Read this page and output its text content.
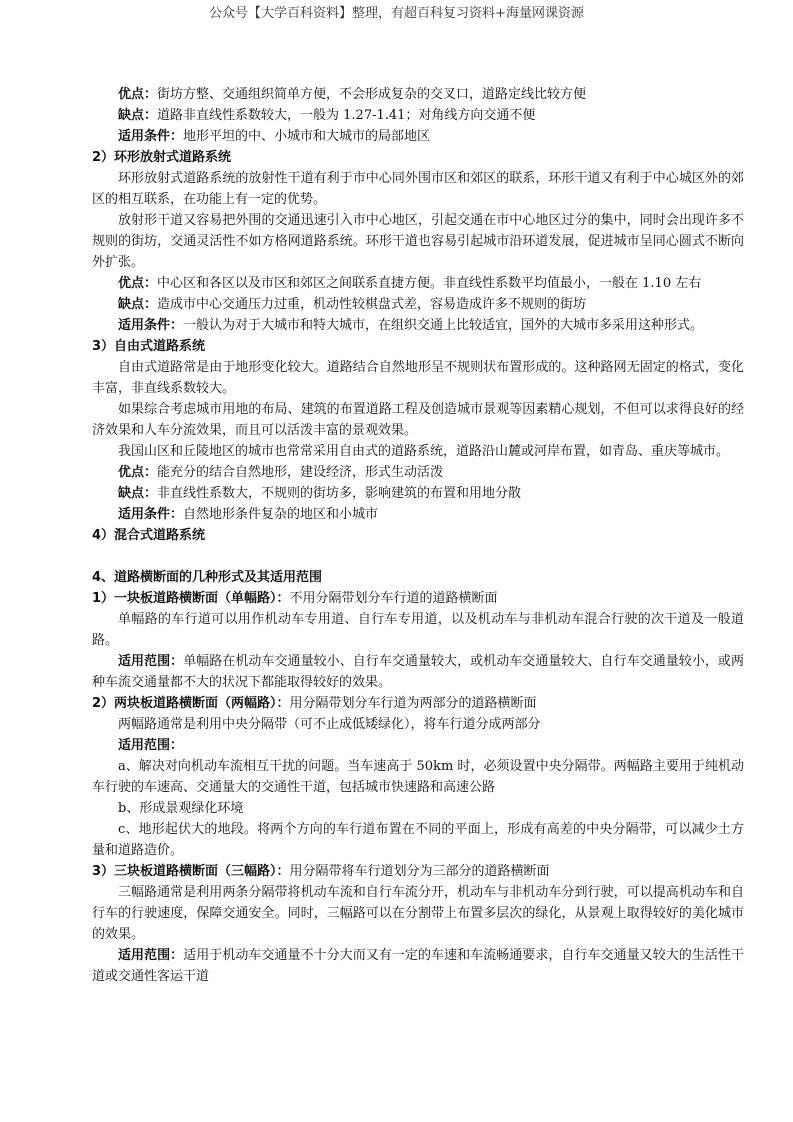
公众号【大学百科资料】整理，有超百科复习资料+海量网课资源

优点：街坊方整、交通组织简单方便，不会形成复杂的交叉口，道路定线比较方便

缺点：道路非直线性系数较大，一般为 1.27-1.41；对角线方向交通不便

适用条件：地形平坦的中、小城市和大城市的局部地区

2）环形放射式道路系统

环形放射式道路系统的放射性干道有利于市中心同外围市区和郊区的联系，环形干道又有利于中心城区外的郊区的相互联系，在功能上有一定的优势。

放射形干道又容易把外围的交通迅速引入市中心地区，引起交通在市中心地区过分的集中，同时会出现许多不规则的街坊，交通灵活性不如方格网道路系统。环形干道也容易引起城市沿环道发展，促进城市呈同心圆式不断向外扩张。

优点：中心区和各区以及市区和郊区之间联系直捷方便。非直线性系数平均值最小，一般在 1.10 左右

缺点：造成市中心交通压力过重，机动性较棋盘式差，容易造成许多不规则的街坊

适用条件：一般认为对于大城市和特大城市，在组织交通上比较适宜，国外的大城市多采用这种形式。

3）自由式道路系统

自由式道路常是由于地形变化较大。道路结合自然地形呈不规则状布置形成的。这种路网无固定的格式，变化丰富，非直线系数较大。

如果综合考虑城市用地的布局、建筑的布置道路工程及创造城市景观等因素精心规划，不但可以求得良好的经济效果和人车分流效果，而且可以活泼丰富的景观效果。

我国山区和丘陵地区的城市也常常采用自由式的道路系统，道路沿山麓或河岸布置，如青岛、重庆等城市。

优点：能充分的结合自然地形，建设经济，形式生动活泼

缺点：非直线性系数大，不规则的街坊多，影响建筑的布置和用地分散

适用条件：自然地形条件复杂的地区和小城市

4）混合式道路系统

4、道路横断面的几种形式及其适用范围

1）一块板道路横断面（单幅路）：不用分隔带划分车行道的道路横断面

单幅路的车行道可以用作机动车专用道、自行车专用道，以及机动车与非机动车混合行驶的次干道及一般道路。

适用范围：单幅路在机动车交通量较小、自行车交通量较大，或机动车交通量较大、自行车交通量较小，或两种车流交通量都不大的状况下都能取得较好的效果。

2）两块板道路横断面（两幅路）：用分隔带划分车行道为两部分的道路横断面

两幅路通常是利用中央分隔带（可不止成低矮绿化），将车行道分成两部分

适用范围：

a、解决对向机动车流相互干扰的问题。当车速高于 50km 时，必须设置中央分隔带。两幅路主要用于纯机动车行驶的车速高、交通量大的交通性干道，包括城市快速路和高速公路

b、形成景观绿化环境

c、地形起伏大的地段。将两个方向的车行道布置在不同的平面上，形成有高差的中央分隔带，可以减少土方量和道路造价。

3）三块板道路横断面（三幅路）：用分隔带将车行道划分为三部分的道路横断面

三幅路通常是利用两条分隔带将机动车流和自行车流分开，机动车与非机动车分到行驶，可以提高机动车和自行车的行驶速度，保障交通安全。同时，三幅路可以在分割带上布置多层次的绿化，从景观上取得较好的美化城市的效果。

适用范围：适用于机动车交通量不十分大而又有一定的车速和车流畅通要求，自行车交通量又较大的生活性干道或交通性客运干道
